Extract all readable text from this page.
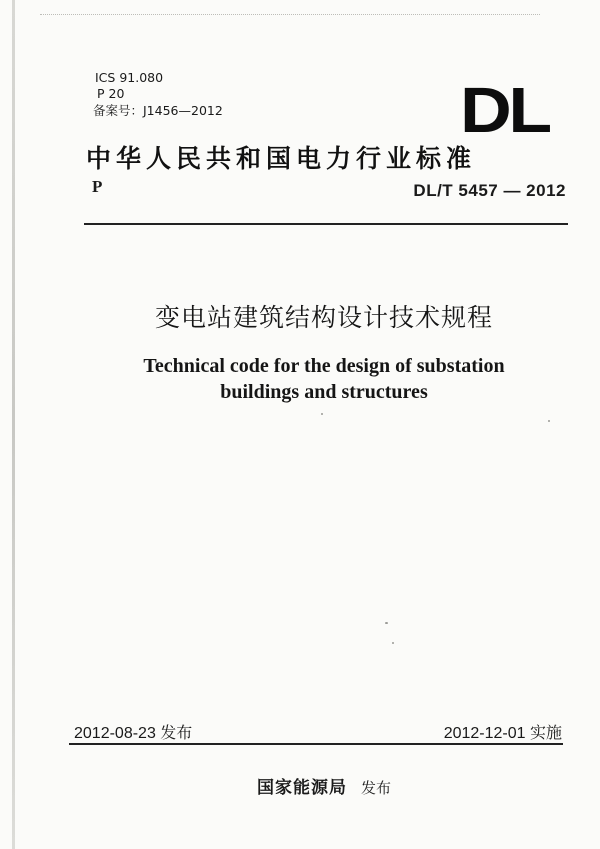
ICS 91.080
P 20
备案号：J1456—2012	DL
中华人民共和国电力行业标准
P	DL/T 5457 — 2012
变电站建筑结构设计技术规程
Technical code for the design of substation
buildings and structures
2012-08-23 发布	2012-12-01 实施
国家能源局 发布
